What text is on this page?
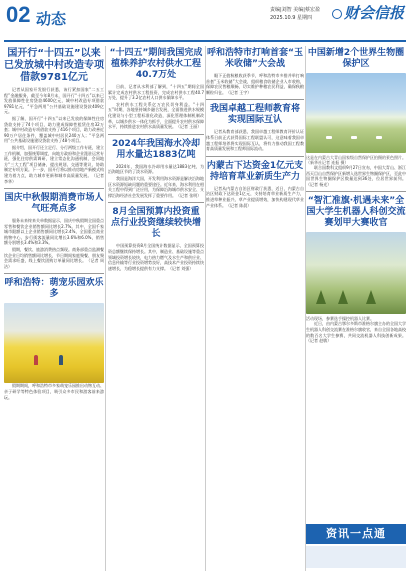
02 动态	责编|刘智 美编|蔡宏盈
2025.10.9 星期四	财会信报
国开行“十四五”以来已发放城中村改造专项借款9781亿元

记者从国家开发银行获悉，该行紧扣国家“二五工程”金融服务，截至今年8月末，国开行“十四五”以来已发放保障性住房贷款4600亿元，城中村改造专项借款9781亿元，“平急两用”公共基础设施建设贷款409亿元。

据了解，国开行“十四五”以来已发放的保障性住房贷款支持了74个项目，助力建成保障性租赁住房32万套；城中村改造专项借款支持了416个项目，助力改善近90万户居住条件，覆盖城中村居民240万人；“平急两用”公共基础设施建设贷款支持了48个项目。

据介绍，国开行还立足行、分行两级工作专班，建立工作机制，加强统筹调度，向地方政府和企业派驻运营专班，强化住房供需调研，建立常态化沟通机制，会同地方“三大工程”项目储备，提出规划、交通等建议，协助制定专项方案。下一步，国开行将以推动房地产新模式构建为着力点，助力城市更新和城市高质量发展。（记者 李华）

国庆中秋假期消费市场人气旺亮点多

服务未来终来关单数据显示，国庆中秋假期全国重点零售和餐饮企业销售额同比增长2.7%。其中，全国千家城市限额以上企业销售额同比增长2.4%，全国重点商业购物中心、步行街客流量同比增长3.6%和6.0%，销售额分别增长3.4%和3.3%。

假期，餐饮、旅游消费热点频现。商务部重点监测餐饮企业日均销售额同比增长，节日期间家庭聚餐、朋友聚会需求旺盛，线上餐饮团购订单量同比增长。（记者 周洁）

呼和浩特：萌宠乐园欢乐多

假期期间，呼和浩特市多家萌宠乐园推出动物互动、亲子研学等特色体验项目，吸引众多市民和游客前来游玩。

“十四五”期间我国完成植株养护农村供水工程40.7万处

日前，记者从水利部了解到，“十四五”期间全国累计完成农村供水工程投资，完成农村供水工程40.7万处，提升了3.2亿农村人口供水保障水平。

农村供水工程关系亿万农民切身利益。“十四五”时期，各地坚持城乡融合发展，全面推进供水规模化建设与小型工程标准化改造，深化管理体制机制改革，以城乡供水一体化为抓手，全面提升农村供水保障水平，持续推进农村供水高质量发展。（记者 王丽）

2024年我国海水冷却用水量达1883亿吨

2024年，我国海水冷却用水量达1883亿吨，为沿海地区节约了淡水资源。

我国是海洋大国，开发利用海水资源是解决沿海地区水资源短缺问题的重要途径。近年来，海水利用在相关工程中得到广泛应用，为保障沿海城市供水安全、支撑沿海经济社会发展发挥了重要作用。（记者 张明）

8月全国预算内投资重点行业投资继续较快增长

中国预算投资8月全国统计数据显示，全国预算投资总额继续保持增长。其中，制造业、基础设施等重点领域投资增长较快，电力热力燃气及水生产和供应业、信息传输等行业投资增势良好，高技术产业投资持续快速增长，为稳增长提供有力支撑。（记者 刘强）

呼和浩特市打响首套“玉米收储”大会战

眼下正值秋粮收获季节，呼和浩特市多措并举打响首套“玉米收储”大会战，组织粮食收储企业入市收购，保障农民售粮顺畅，切实维护种粮农民利益，确保秋粮颗粒归仓。（记者 王宇）

我国卓越工程师教育将实现国际互认

记者从教育部获悉，我国卓越工程师教育评价认证体系日前正式获得国际工程联盟认可，这意味着我国卓越工程师培养将实现国际互认，将有力推动我国工程教育高质量发展和工程师国际流动。

内蒙古下达资金1亿元支持培育草业新质生产力

记者从内蒙古自治区财政厅获悉，近日，内蒙古自治区财政下达资金1亿元，支持培育草业新质生产力，推进草种业振兴、草产业提质增效，加快构建现代草业产业体系。（记者 陈晨）

中国新增2个世界生物圈保护区

这是在内蒙古大青山国家级自然保护区拍摄的景色照片。（新华社记者 连振 摄）

联合国教科文组织9月27日宣布，中国大青山、浙江西天目山自然保护区新增入选世界生物圈保护区，至此中国世界生物圈保护区数量达到36处，位居世界前列。（记者 杨光）

“智汇准旗·机遇未来”全国大学生机器人科创交流赛划甲大赛收官

活动现场，参赛选手操控机器人比赛。

近日，由内蒙古鄂尔多斯市准格尔旗主办的全国大学生机器人科创交流赛在准格尔旗收官，来自全国各地高校的数百名大学生参赛，共同交流机器人科技创新成果。（记者 赵敏）

资讯一点通
